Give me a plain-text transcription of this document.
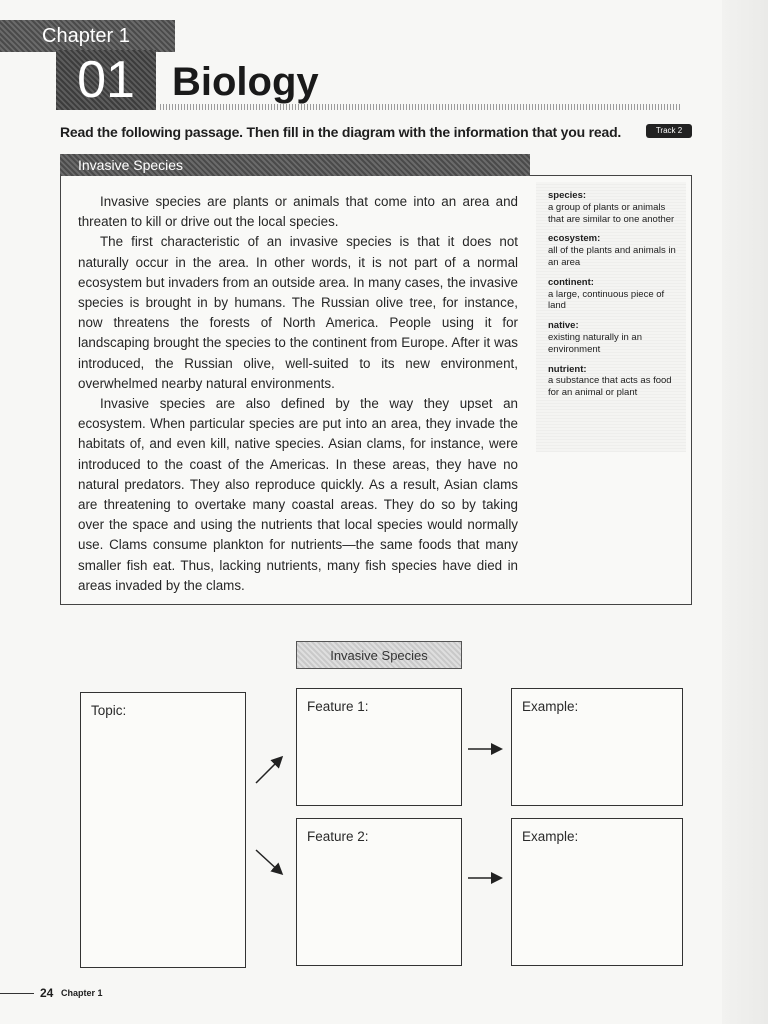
Chapter 1
01 Biology
Read the following passage. Then fill in the diagram with the information that you read.	Track 2
Invasive Species

Invasive species are plants or animals that come into an area and threaten to kill or drive out the local species.

The first characteristic of an invasive species is that it does not naturally occur in the area. In other words, it is not part of a normal ecosystem but invaders from an outside area. In many cases, the invasive species is brought in by humans. The Russian olive tree, for instance, now threatens the forests of North America. People using it for landscaping brought the species to the continent from Europe. After it was introduced, the Russian olive, well-suited to its new environment, overwhelmed nearby natural environments.

Invasive species are also defined by the way they upset an ecosystem. When particular species are put into an area, they invade the habitats of, and even kill, native species. Asian clams, for instance, were introduced to the coast of the Americas. In these areas, they have no natural predators. They also reproduce quickly. As a result, Asian clams are threatening to overtake many coastal areas. They do so by taking over the space and using the nutrients that local species would normally use. Clams consume plankton for nutrients—the same foods that many smaller fish eat. Thus, lacking nutrients, many fish species have died in areas invaded by the clams.

species:
a group of plants or animals that are similar to one another
ecosystem:
all of the plants and animals in an area
continent:
a large, continuous piece of land
native:
existing naturally in an environment
nutrient:
a substance that acts as food for an animal or plant
Invasive Species
Topic:	Feature 1:
Feature 2:
Example:
Example:
24 Chapter 1
